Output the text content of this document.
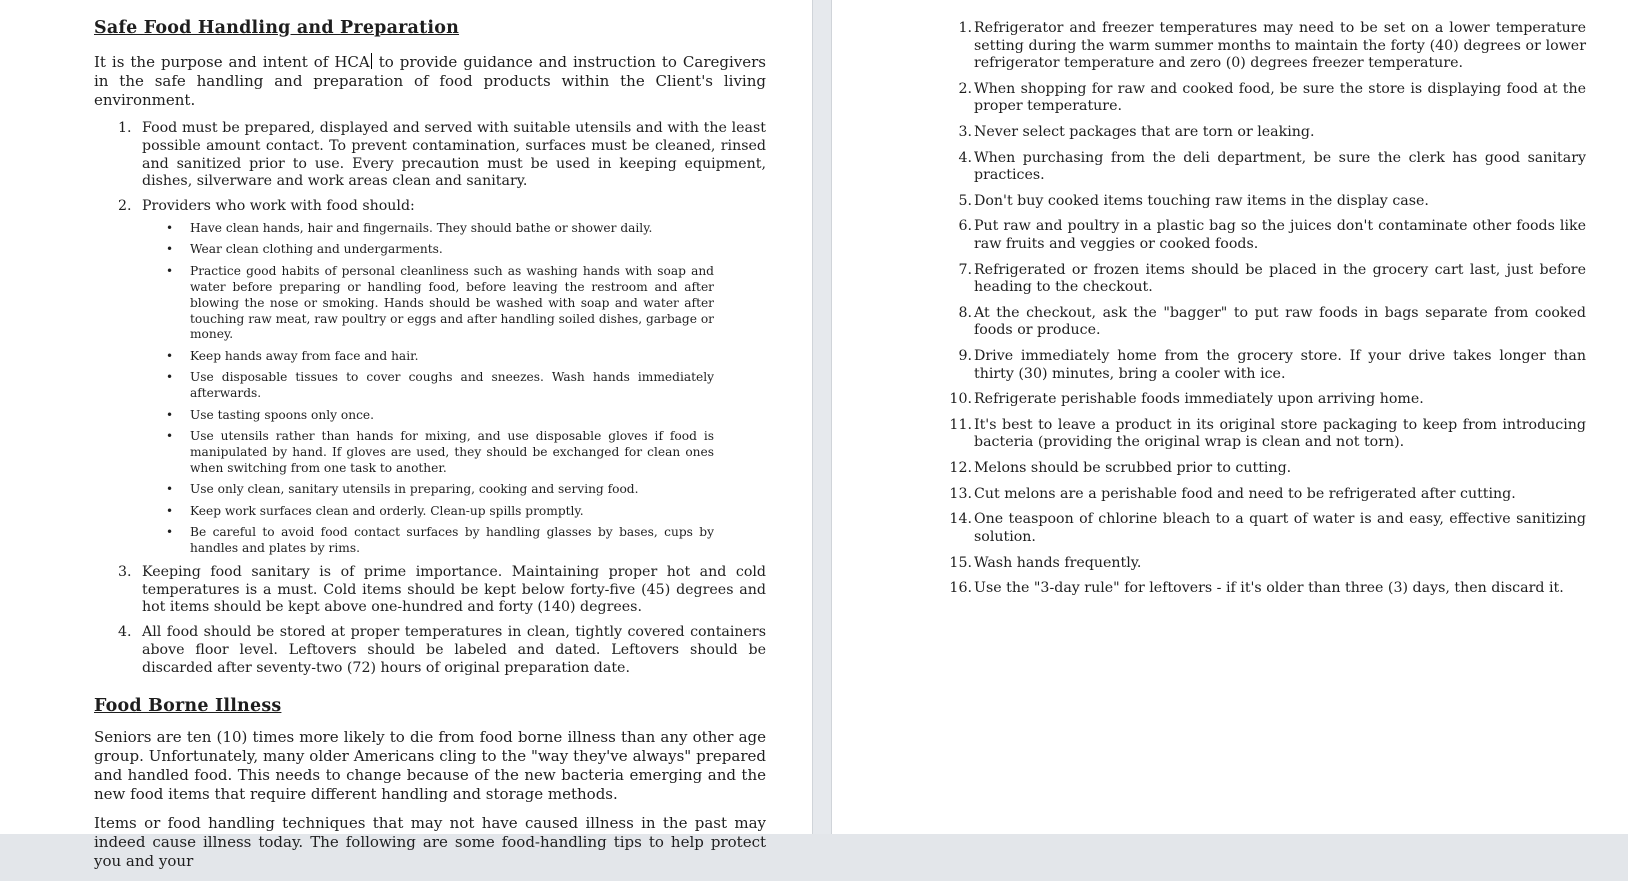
Safe Food Handling and Preparation

It is the purpose and intent of HCA to provide guidance and instruction to Caregivers in the safe handling and preparation of food products within the Client's living environment.

1. Food must be prepared, displayed and served with suitable utensils and with the least possible amount contact. To prevent contamination, surfaces must be cleaned, rinsed and sanitized prior to use. Every precaution must be used in keeping equipment, dishes, silverware and work areas clean and sanitary.
2. Providers who work with food should:
• Have clean hands, hair and fingernails. They should bathe or shower daily.
• Wear clean clothing and undergarments.
• Practice good habits of personal cleanliness such as washing hands with soap and water before preparing or handling food, before leaving the restroom and after blowing the nose or smoking. Hands should be washed with soap and water after touching raw meat, raw poultry or eggs and after handling soiled dishes, garbage or money.
• Keep hands away from face and hair.
• Use disposable tissues to cover coughs and sneezes. Wash hands immediately afterwards.
• Use tasting spoons only once.
• Use utensils rather than hands for mixing, and use disposable gloves if food is manipulated by hand. If gloves are used, they should be exchanged for clean ones when switching from one task to another.
• Use only clean, sanitary utensils in preparing, cooking and serving food.
• Keep work surfaces clean and orderly. Clean-up spills promptly.
• Be careful to avoid food contact surfaces by handling glasses by bases, cups by handles and plates by rims.
3. Keeping food sanitary is of prime importance. Maintaining proper hot and cold temperatures is a must. Cold items should be kept below forty-five (45) degrees and hot items should be kept above one-hundred and forty (140) degrees.
4. All food should be stored at proper temperatures in clean, tightly covered containers above floor level. Leftovers should be labeled and dated. Leftovers should be discarded after seventy-two (72) hours of original preparation date.
Food Borne Illness

Seniors are ten (10) times more likely to die from food borne illness than any other age group. Unfortunately, many older Americans cling to the "way they've always" prepared and handled food. This needs to change because of the new bacteria emerging and the new food items that require different handling and storage methods.

Items or food handling techniques that may not have caused illness in the past may indeed cause illness today. The following are some food-handling tips to help protect you and your

1. Refrigerator and freezer temperatures may need to be set on a lower temperature setting during the warm summer months to maintain the forty (40) degrees or lower refrigerator temperature and zero (0) degrees freezer temperature.
2. When shopping for raw and cooked food, be sure the store is displaying food at the proper temperature.
3. Never select packages that are torn or leaking.
4. When purchasing from the deli department, be sure the clerk has good sanitary practices.
5. Don't buy cooked items touching raw items in the display case.
6. Put raw and poultry in a plastic bag so the juices don't contaminate other foods like raw fruits and veggies or cooked foods.
7. Refrigerated or frozen items should be placed in the grocery cart last, just before heading to the checkout.
8. At the checkout, ask the "bagger" to put raw foods in bags separate from cooked foods or produce.
9. Drive immediately home from the grocery store. If your drive takes longer than thirty (30) minutes, bring a cooler with ice.
10. Refrigerate perishable foods immediately upon arriving home.
11. It's best to leave a product in its original store packaging to keep from introducing bacteria (providing the original wrap is clean and not torn).
12. Melons should be scrubbed prior to cutting.
13. Cut melons are a perishable food and need to be refrigerated after cutting.
14. One teaspoon of chlorine bleach to a quart of water is and easy, effective sanitizing solution.
15. Wash hands frequently.
16. Use the "3-day rule" for leftovers - if it's older than three (3) days, then discard it.
